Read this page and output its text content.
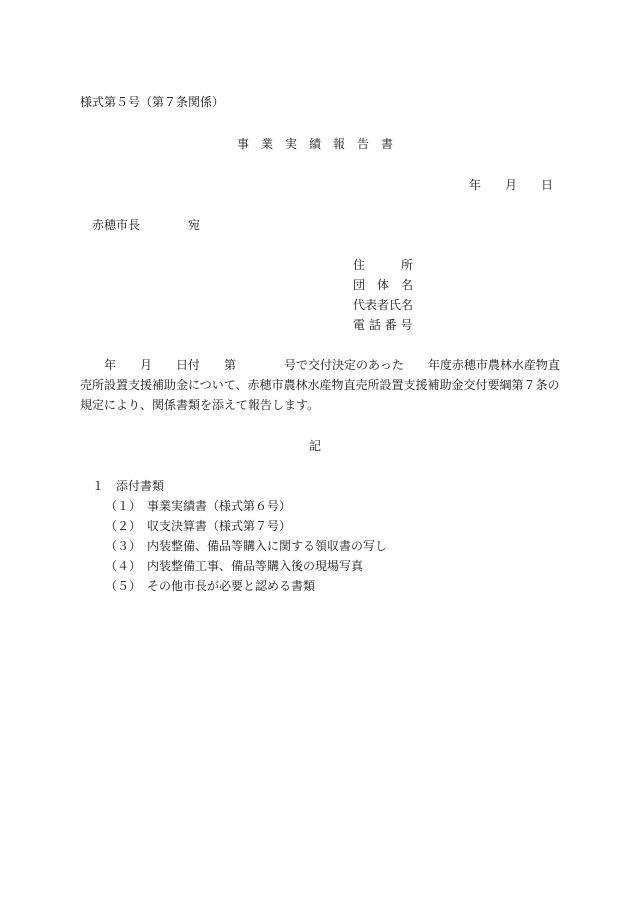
様式第５号（第７条関係）
事　業　実　績　報　告　書
年　　月　　日
赤穂市長　　　　宛
住　　　所
団　体　名
代表者氏名
電 話 番 号
　　年　　月　　日付　　第　　　　号で交付決定のあった　　年度赤穂市農林水産物直
売所設置支援補助金について、赤穂市農林水産物直売所設置支援補助金交付要綱第７条の
規定により、関係書類を添えて報告します。
記
１　添付書類
（１）　事業実績書（様式第６号）
（２）　収支決算書（様式第７号）
（３）　内装整備、備品等購入に関する領収書の写し
（４）　内装整備工事、備品等購入後の現場写真
（５）　その他市長が必要と認める書類
